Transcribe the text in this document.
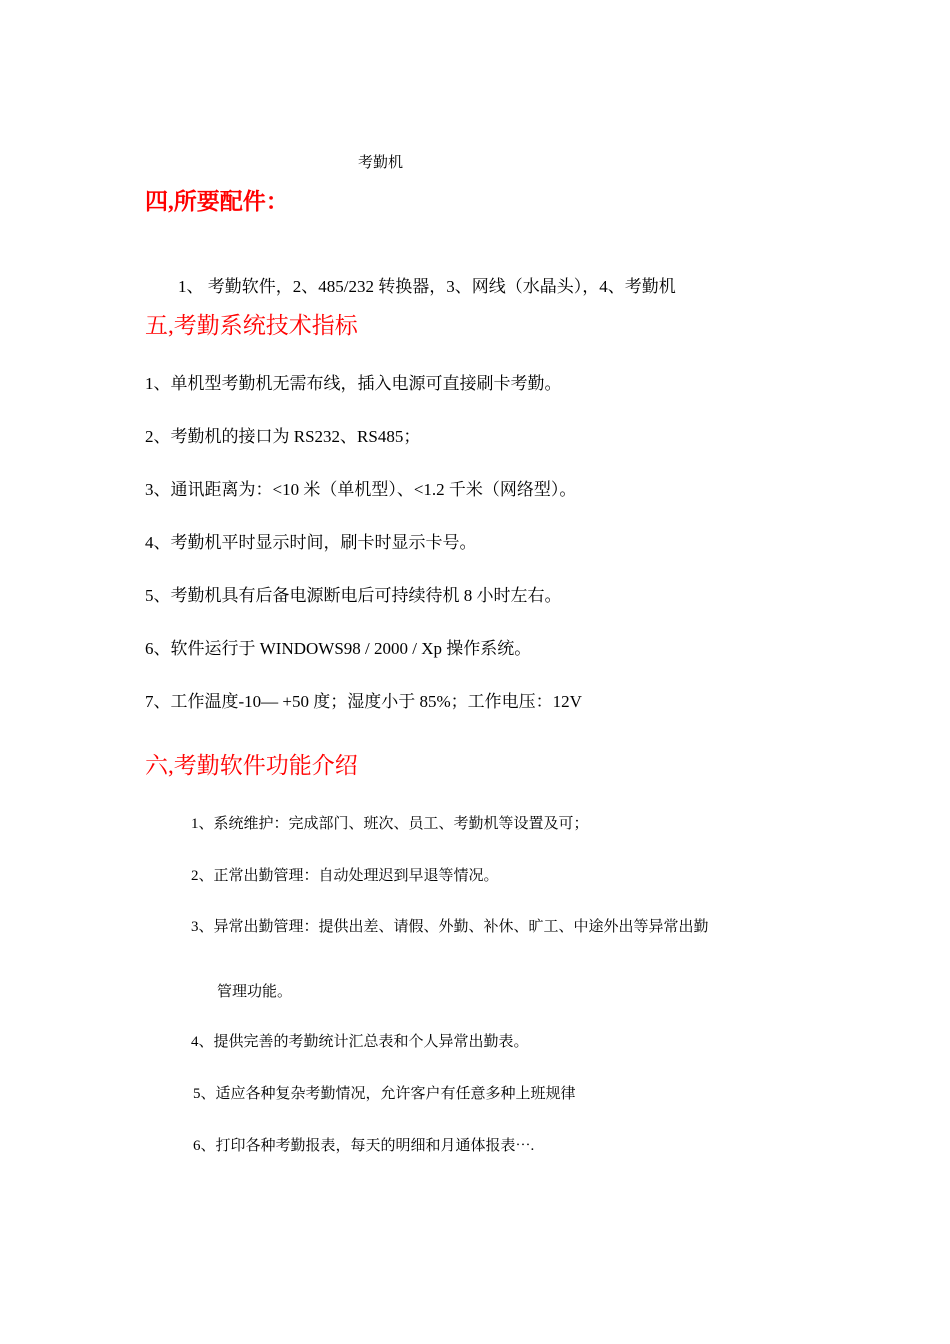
考勤机
四,所要配件：
1、 考勤软件，2、485/232 转换器，3、网线（水晶头），4、考勤机
五,考勤系统技术指标
1、单机型考勤机无需布线，插入电源可直接刷卡考勤。
2、考勤机的接口为 RS232、RS485；
3、通讯距离为：<10 米（单机型）、<1.2 千米（网络型）。
4、考勤机平时显示时间，刷卡时显示卡号。
5、考勤机具有后备电源断电后可持续待机 8 小时左右。
6、软件运行于 WINDOWS98 / 2000 / Xp 操作系统。
7、工作温度-10— +50 度；湿度小于 85%；工作电压：12V
六,考勤软件功能介绍
1、系统维护：完成部门、班次、员工、考勤机等设置及可；
2、正常出勤管理：自动处理迟到早退等情况。
3、异常出勤管理：提供出差、请假、外勤、补休、旷工、中途外出等异常出勤
管理功能。
4、提供完善的考勤统计汇总表和个人异常出勤表。
5、适应各种复杂考勤情况，允许客户有任意多种上班规律
6、打印各种考勤报表，每天的明细和月通体报表⋯.
